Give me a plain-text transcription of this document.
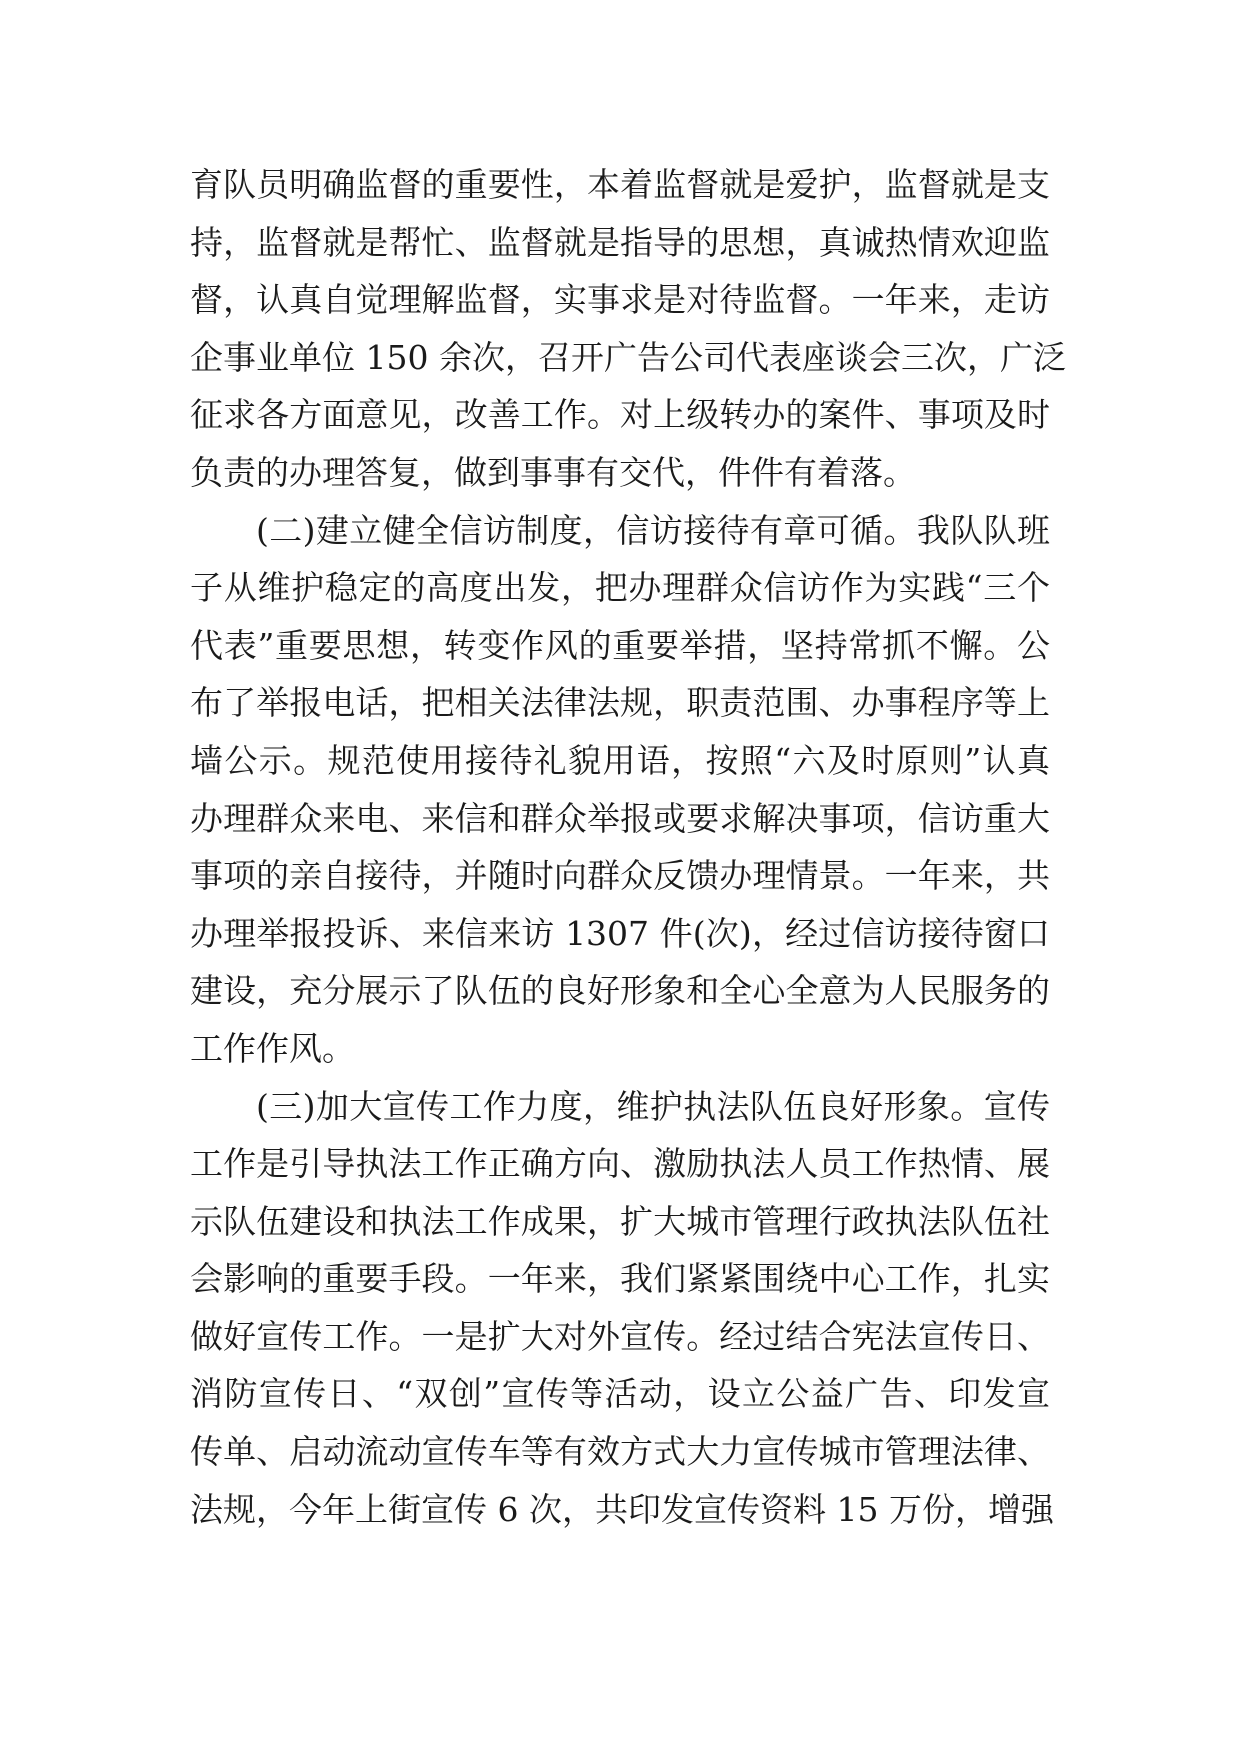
育队员明确监督的重要性，本着监督就是爱护，监督就是支
持，监督就是帮忙、监督就是指导的思想，真诚热情欢迎监
督，认真自觉理解监督，实事求是对待监督。一年来，走访
企事业单位 150 余次，召开广告公司代表座谈会三次，广泛
征求各方面意见，改善工作。对上级转办的案件、事项及时
负责的办理答复，做到事事有交代，件件有着落。
(二)建立健全信访制度，信访接待有章可循。我队队班
子从维护稳定的高度出发，把办理群众信访作为实践“三个
代表”重要思想，转变作风的重要举措，坚持常抓不懈。公
布了举报电话，把相关法律法规，职责范围、办事程序等上
墙公示。规范使用接待礼貌用语，按照“六及时原则”认真
办理群众来电、来信和群众举报或要求解决事项，信访重大
事项的亲自接待，并随时向群众反馈办理情景。一年来，共
办理举报投诉、来信来访 1307 件(次)，经过信访接待窗口
建设，充分展示了队伍的良好形象和全心全意为人民服务的
工作作风。
(三)加大宣传工作力度，维护执法队伍良好形象。宣传
工作是引导执法工作正确方向、激励执法人员工作热情、展
示队伍建设和执法工作成果，扩大城市管理行政执法队伍社
会影响的重要手段。一年来，我们紧紧围绕中心工作，扎实
做好宣传工作。一是扩大对外宣传。经过结合宪法宣传日、
消防宣传日、“双创”宣传等活动，设立公益广告、印发宣
传单、启动流动宣传车等有效方式大力宣传城市管理法律、
法规，今年上街宣传 6 次，共印发宣传资料 15 万份，增强
